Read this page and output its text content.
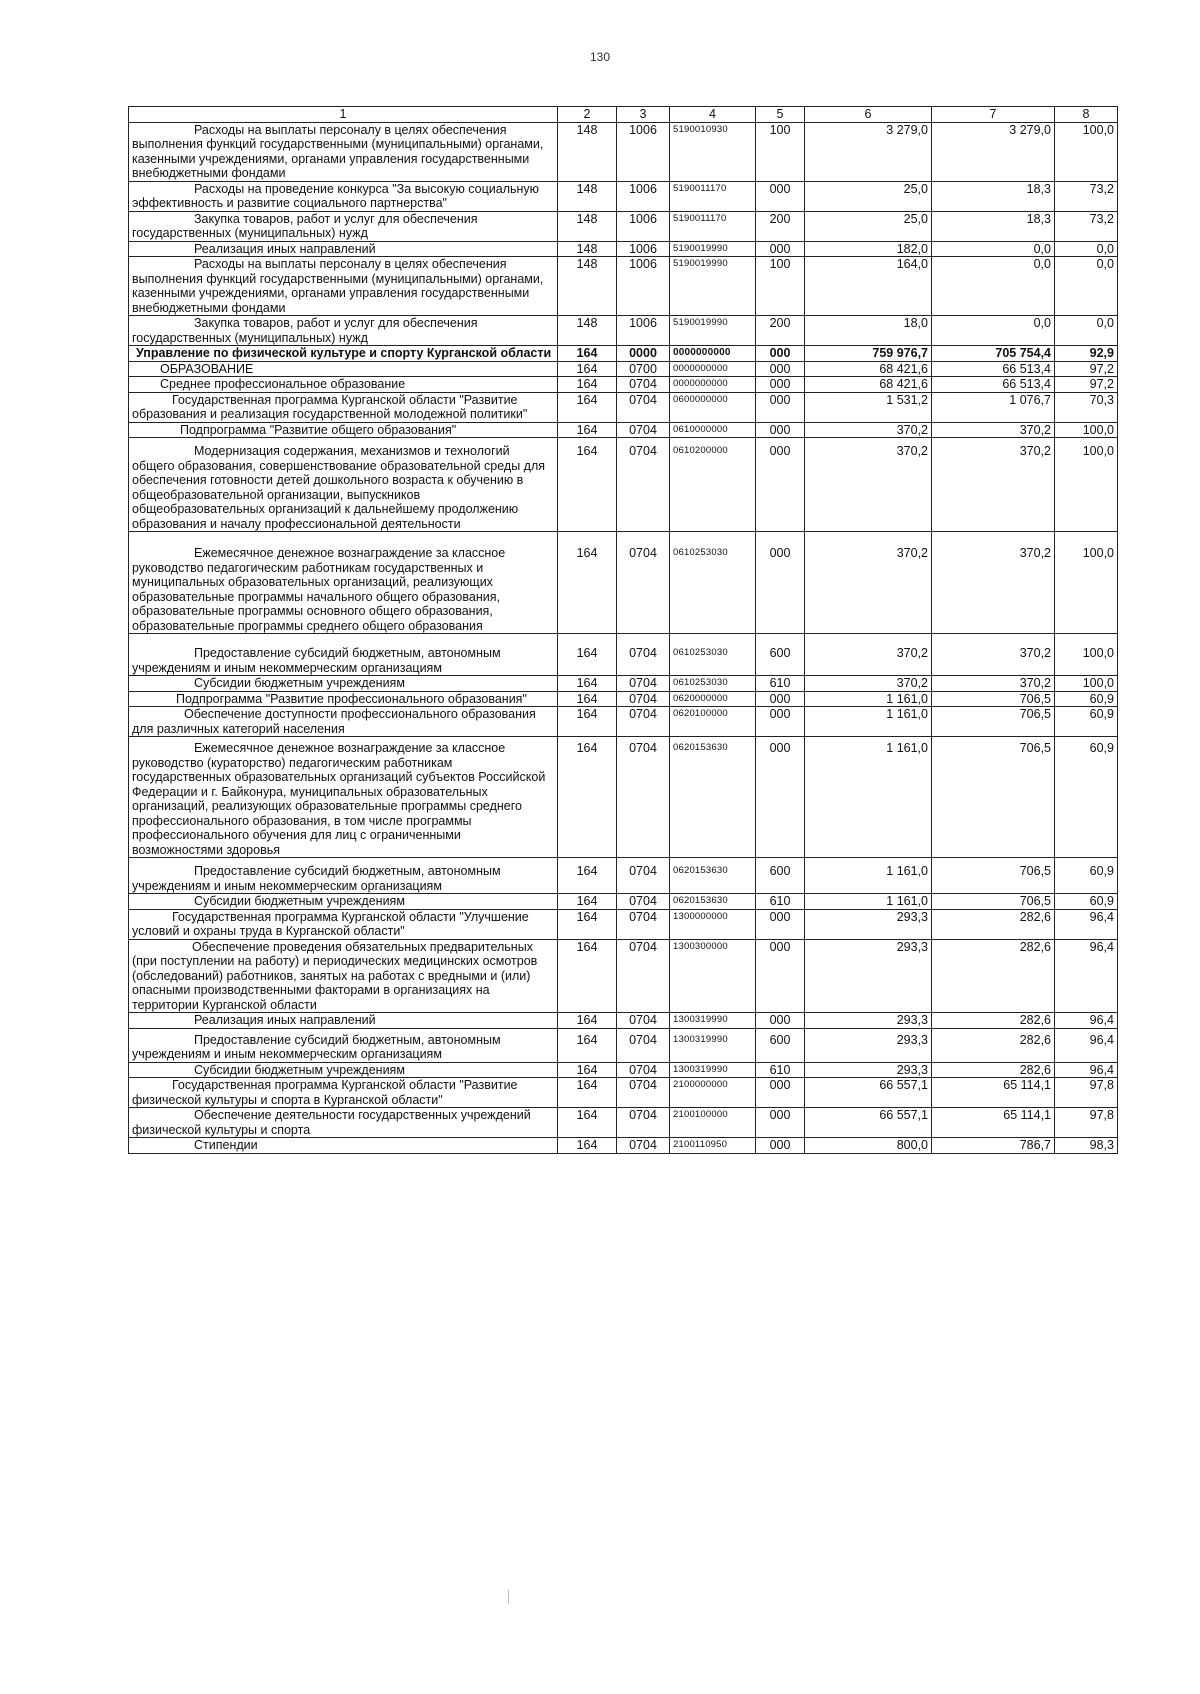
130
1	2	3	4	5	6	7	8
Расходы на выплаты персоналу в целях обеспечения выполнения функций государственными (муниципальными) органами, казенными учреждениями, органами управления государственными внебюджетными фондами	148	1006	5190010930	100	3 279,0	3 279,0	100,0
Расходы на проведение конкурса "За высокую социальную эффективность и развитие социального партнерства"	148	1006	5190011170	000	25,0	18,3	73,2
Закупка товаров, работ и услуг для обеспечения государственных (муниципальных) нужд	148	1006	5190011170	200	25,0	18,3	73,2
Реализация иных направлений	148	1006	5190019990	000	182,0	0,0	0,0
Расходы на выплаты персоналу в целях обеспечения выполнения функций государственными (муниципальными) органами, казенными учреждениями, органами управления государственными внебюджетными фондами	148	1006	5190019990	100	164,0	0,0	0,0
Закупка товаров, работ и услуг для обеспечения государственных (муниципальных) нужд	148	1006	5190019990	200	18,0	0,0	0,0
Управление по физической культуре и спорту Курганской области	164	0000	0000000000	000	759 976,7	705 754,4	92,9
ОБРАЗОВАНИЕ	164	0700	0000000000	000	68 421,6	66 513,4	97,2
Среднее профессиональное образование	164	0704	0000000000	000	68 421,6	66 513,4	97,2
Государственная программа Курганской области "Развитие образования и реализация государственной молодежной политики"	164	0704	0600000000	000	1 531,2	1 076,7	70,3
Подпрограмма "Развитие общего образования"	164	0704	0610000000	000	370,2	370,2	100,0
Модернизация содержания, механизмов и технологий общего образования, совершенствование образовательной среды для обеспечения готовности детей дошкольного возраста к обучению в общеобразовательной организации, выпускников общеобразовательных организаций к дальнейшему продолжению образования и началу профессиональной деятельности	164	0704	0610200000	000	370,2	370,2	100,0
Ежемесячное денежное вознаграждение за классное руководство педагогическим работникам государственных и муниципальных образовательных организаций, реализующих образовательные программы начального общего образования, образовательные программы основного общего образования, образовательные программы среднего общего образования	164	0704	0610253030	000	370,2	370,2	100,0
Предоставление субсидий бюджетным, автономным учреждениям и иным некоммерческим организациям	164	0704	0610253030	600	370,2	370,2	100,0
Субсидии бюджетным учреждениям	164	0704	0610253030	610	370,2	370,2	100,0
Подпрограмма "Развитие профессионального образования"	164	0704	0620000000	000	1 161,0	706,5	60,9
Обеспечение доступности профессионального образования для различных категорий населения	164	0704	0620100000	000	1 161,0	706,5	60,9
Ежемесячное денежное вознаграждение за классное руководство (кураторство) педагогическим работникам государственных образовательных организаций субъектов Российской Федерации и г. Байконура, муниципальных образовательных организаций, реализующих образовательные программы среднего профессионального образования, в том числе программы профессионального обучения для лиц с ограниченными возможностями здоровья	164	0704	0620153630	000	1 161,0	706,5	60,9
Предоставление субсидий бюджетным, автономным учреждениям и иным некоммерческим организациям	164	0704	0620153630	600	1 161,0	706,5	60,9
Субсидии бюджетным учреждениям	164	0704	0620153630	610	1 161,0	706,5	60,9
Государственная программа Курганской области "Улучшение условий и охраны труда в Курганской области"	164	0704	1300000000	000	293,3	282,6	96,4
Обеспечение проведения обязательных предварительных (при поступлении на работу) и периодических медицинских осмотров (обследований) работников, занятых на работах с вредными и (или) опасными производственными факторами в организациях на территории Курганской области	164	0704	1300300000	000	293,3	282,6	96,4
Реализация иных направлений	164	0704	1300319990	000	293,3	282,6	96,4
Предоставление субсидий бюджетным, автономным учреждениям и иным некоммерческим организациям	164	0704	1300319990	600	293,3	282,6	96,4
Субсидии бюджетным учреждениям	164	0704	1300319990	610	293,3	282,6	96,4
Государственная программа Курганской области "Развитие физической культуры и спорта в Курганской области"	164	0704	2100000000	000	66 557,1	65 114,1	97,8
Обеспечение деятельности государственных учреждений физической культуры и спорта	164	0704	2100100000	000	66 557,1	65 114,1	97,8
Стипендии	164	0704	2100110950	000	800,0	786,7	98,3
